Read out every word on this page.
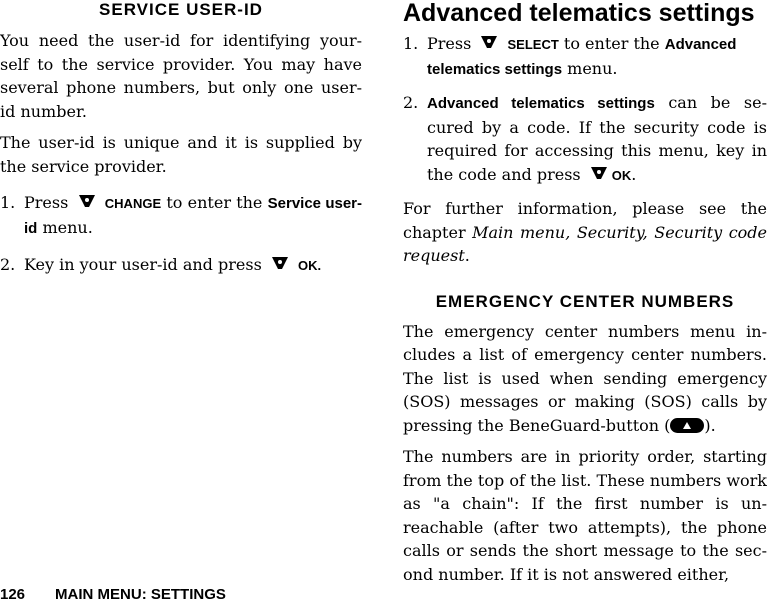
SERVICE USER-ID

You need the user-id for identifying your-self to the service provider. You may have several phone numbers, but only one user-id number.

The user-id is unique and it is supplied by the service provider.

1. Press	CHANGE to enter the Service user-id menu.
2. Key in your user-id and press	OK.
Advanced telematics settings
1. Press	SELECT to enter the Advanced telematics settings menu.
2. Advanced telematics settings can be se-cured by a code. If the security code is required for accessing this menu, key in the code and press OK.

For further information, please see the chapter Main menu, Security, Security code request.

EMERGENCY CENTER NUMBERS

The emergency center numbers menu in-cludes a list of emergency center numbers. The list is used when sending emergency (SOS) messages or making (SOS) calls by pressing the BeneGuard-button ( ).

The numbers are in priority order, starting from the top of the list. These numbers work as "a chain": If the first number is un-reachable (after two attempts), the phone calls or sends the short message to the sec-ond number. If it is not answered either,

126 MAIN MENU: SETTINGS
